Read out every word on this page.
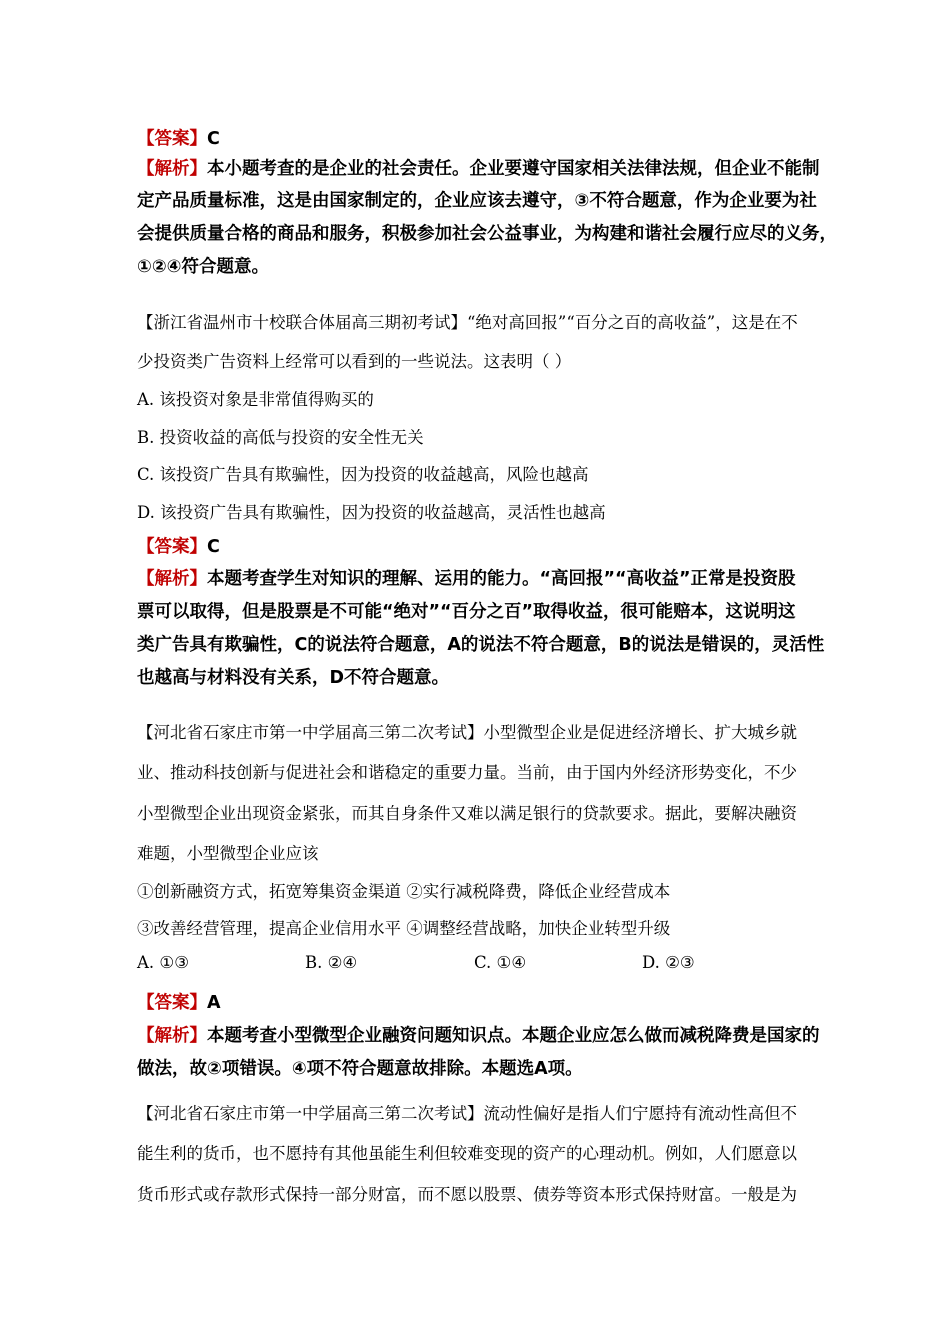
【答案】C
【解析】本小题考查的是企业的社会责任。企业要遵守国家相关法律法规，但企业不能制
定产品质量标准，这是由国家制定的，企业应该去遵守，③不符合题意，作为企业要为社
会提供质量合格的商品和服务，积极参加社会公益事业，为构建和谐社会履行应尽的义务，
①②④符合题意。
【浙江省温州市十校联合体届高三期初考试】“绝对高回报”“百分之百的高收益”，这是在不
少投资类广告资料上经常可以看到的一些说法。这表明（ ）
A. 该投资对象是非常值得购买的
B. 投资收益的高低与投资的安全性无关
C. 该投资广告具有欺骗性，因为投资的收益越高，风险也越高
D. 该投资广告具有欺骗性，因为投资的收益越高，灵活性也越高
【答案】C
【解析】本题考查学生对知识的理解、运用的能力。“高回报”“高收益”正常是投资股
票可以取得，但是股票是不可能“绝对”“百分之百”取得收益，很可能赔本，这说明这
类广告具有欺骗性，C的说法符合题意，A的说法不符合题意，B的说法是错误的，灵活性
也越高与材料没有关系，D不符合题意。
【河北省石家庄市第一中学届高三第二次考试】小型微型企业是促进经济增长、扩大城乡就
业、推动科技创新与促进社会和谐稳定的重要力量。当前，由于国内外经济形势变化，不少
小型微型企业出现资金紧张，而其自身条件又难以满足银行的贷款要求。据此，要解决融资
难题，小型微型企业应该
①创新融资方式，拓宽筹集资金渠道 ②实行减税降费，降低企业经营成本
③改善经营管理，提高企业信用水平 ④调整经营战略，加快企业转型升级
A. ①③	B. ②④	C. ①④	D. ②③
【答案】A
【解析】本题考查小型微型企业融资问题知识点。本题企业应怎么做而减税降费是国家的
做法，故②项错误。④项不符合题意故排除。本题选A项。
【河北省石家庄市第一中学届高三第二次考试】流动性偏好是指人们宁愿持有流动性高但不
能生利的货币，也不愿持有其他虽能生利但较难变现的资产的心理动机。例如，人们愿意以
货币形式或存款形式保持一部分财富，而不愿以股票、债券等资本形式保持财富。一般是为
